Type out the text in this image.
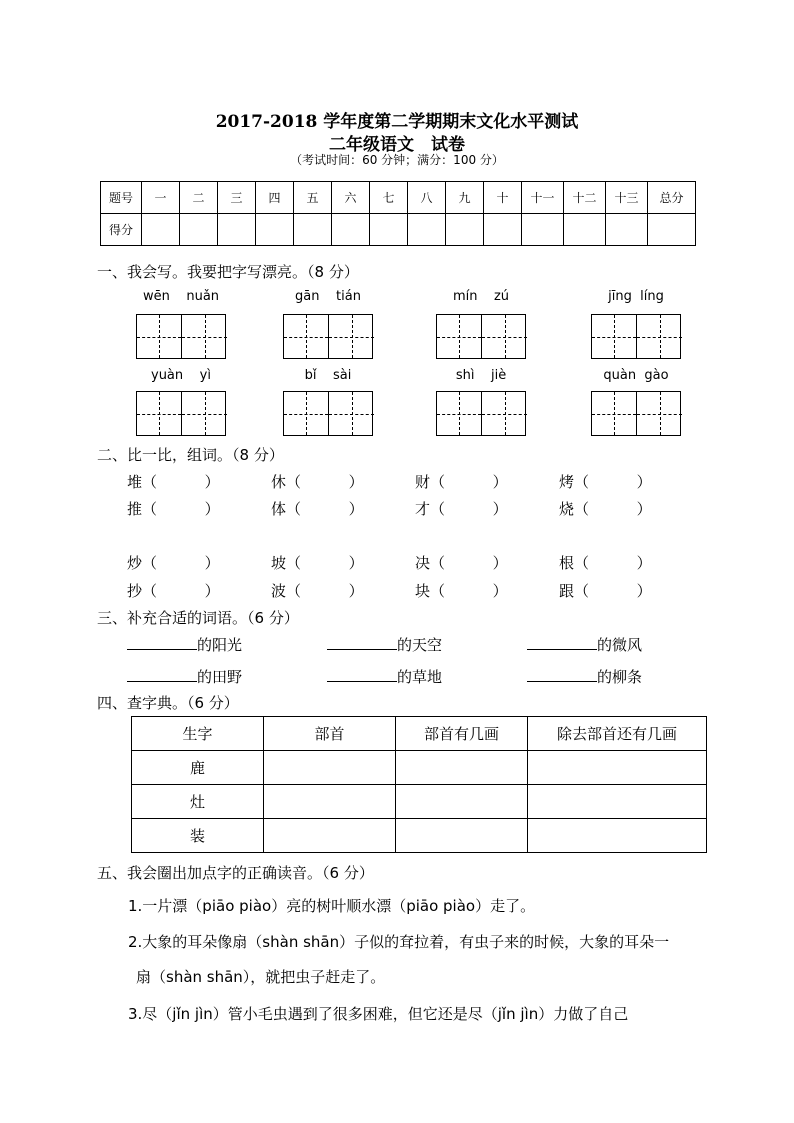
2017-2018 学年度第二学期期末文化水平测试
二年级语文　试卷
（考试时间：60 分钟；满分：100 分）
题号	一	二	三	四	五	六	七	八	九	十	十一	十二	十三	总分
得分														
一、我会写。我要把字写漂亮。（8 分）
wēn    nuǎn	gān    tián	mín    zú	jīng  líng
yuàn    yì	bǐ    sài	shì    jiè	quàn  gào
二、比一比，组词。（8 分）
堆（          ）	休（          ）	财（          ）	烤（          ）
推（          ）	体（          ）	才（          ）	烧（          ）
炒（          ）	坡（          ）	决（          ）	根（          ）
抄（          ）	波（          ）	块（          ）	跟（          ）
三、补充合适的词语。（6 分）
的阳光	的天空	的微风
的田野	的草地	的柳条
四、查字典。（6 分）
生字	部首	部首有几画	除去部首还有几画
鹿			
灶			
装			
五、我会圈出加点字的正确读音。（6 分）
1.一片漂（piāo piào）亮的树叶顺水漂（piāo piào）走了。
2.大象的耳朵像扇（shàn shān）子似的耷拉着，有虫子来的时候，大象的耳朵一
扇（shàn shān），就把虫子赶走了。
3.尽（jǐn jìn）管小毛虫遇到了很多困难，但它还是尽（jǐn jìn）力做了自己
